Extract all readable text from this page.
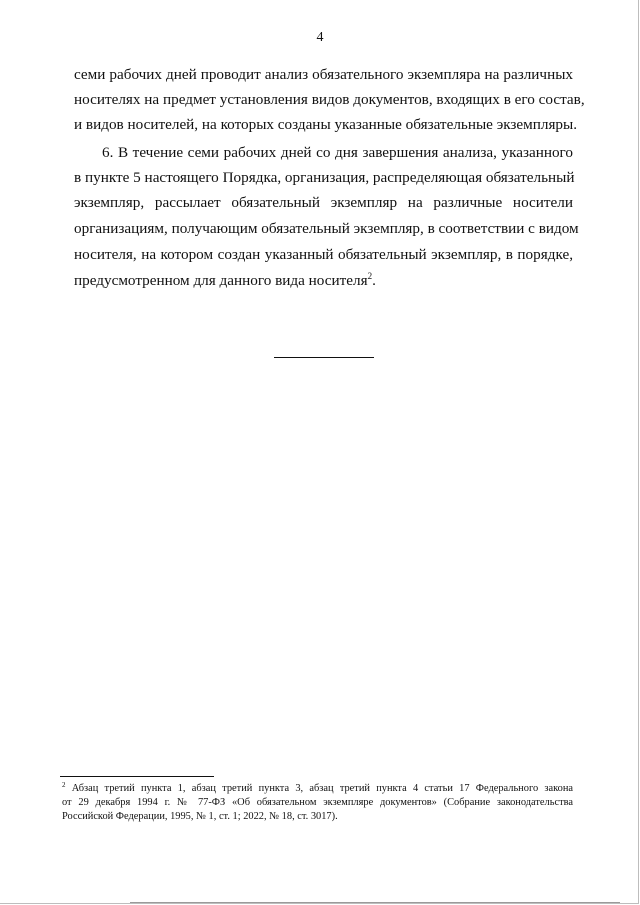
4
семи рабочих дней проводит анализ обязательного экземпляра на различных
носителях на предмет установления видов документов, входящих в его состав,
и видов носителей, на которых созданы указанные обязательные экземпляры.
6. В течение семи рабочих дней со дня завершения анализа, указанного
в пункте 5 настоящего Порядка, организация, распределяющая обязательный
экземпляр, рассылает обязательный экземпляр на различные носители
организациям, получающим обязательный экземпляр, в соответствии с видом
носителя, на котором создан указанный обязательный экземпляр, в порядке,
предусмотренном для данного вида носителя$^2$.
$^2$ Абзац третий пункта 1, абзац третий пункта 3, абзац третий пункта 4 статьи 17 Федерального закона
от 29 декабря 1994 г. № 77-ФЗ «Об обязательном экземпляре документов» (Собрание законодательства
Российской Федерации, 1995, № 1, ст. 1; 2022, № 18, ст. 3017).
